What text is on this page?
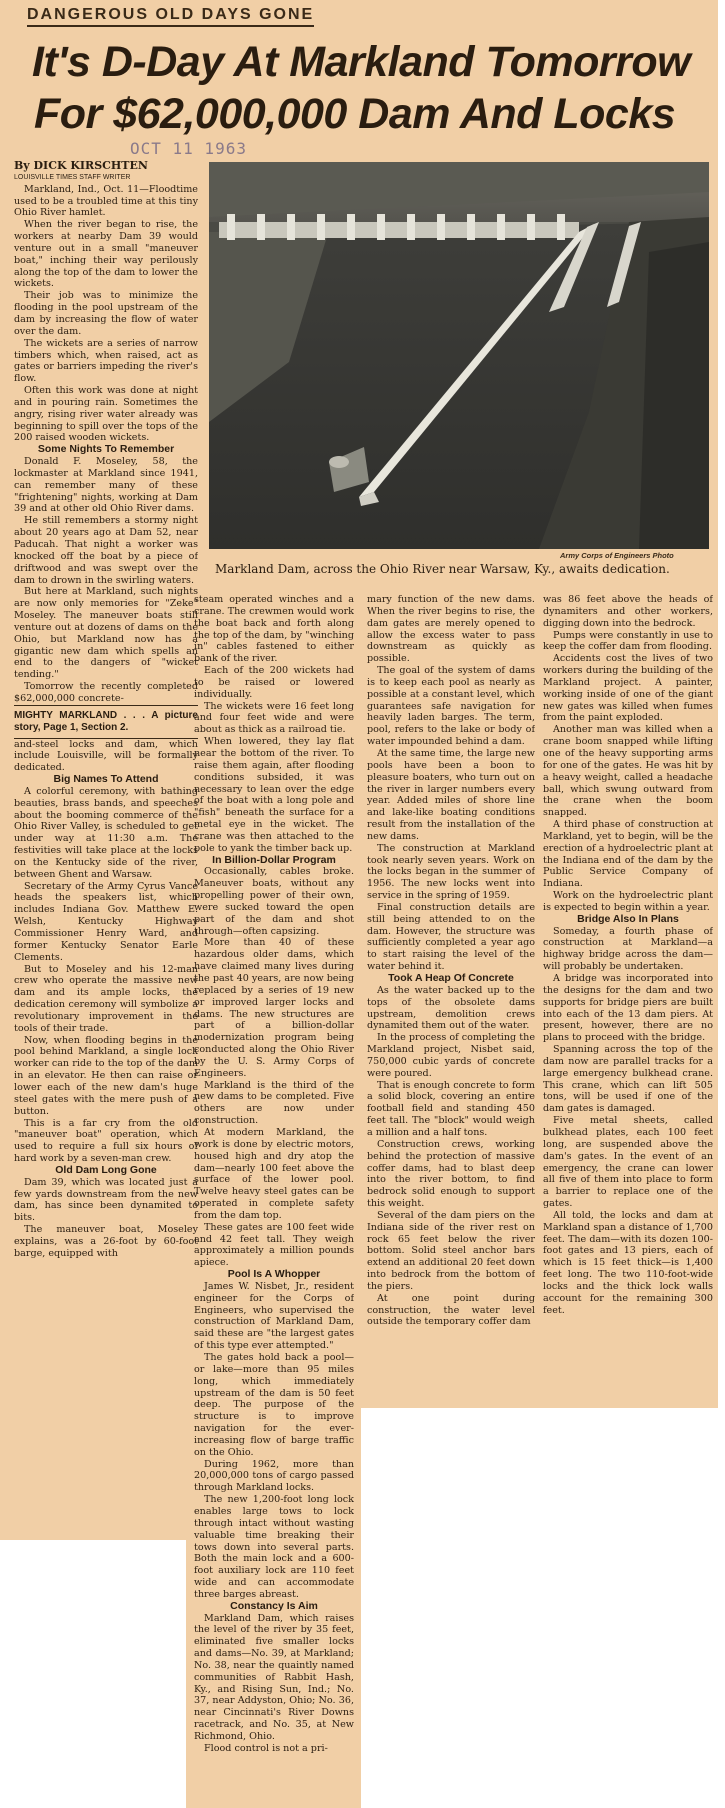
DANGEROUS OLD DAYS GONE
It's D-Day At Markland Tomorrow
For $62,000,000 Dam And Locks
OCT 11 1963
Army Corps of Engineers Photo
Markland Dam, across the Ohio River near Warsaw, Ky., awaits dedication.

By DICK KIRSCHTEN

LOUISVILLE TIMES STAFF WRITER

Markland, Ind., Oct. 11—Floodtime used to be a troubled time at this tiny Ohio River hamlet.

When the river began to rise, the workers at nearby Dam 39 would venture out in a small "maneuver boat," inching their way perilously along the top of the dam to lower the wickets.

Their job was to minimize the flooding in the pool upstream of the dam by increasing the flow of water over the dam.

The wickets are a series of narrow timbers which, when raised, act as gates or barriers impeding the river's flow.

Often this work was done at night and in pouring rain. Sometimes the angry, rising river water already was beginning to spill over the tops of the 200 raised wooden wickets.

Some Nights To Remember

Donald F. Moseley, 58, the lockmaster at Markland since 1941, can remember many of these "frightening" nights, working at Dam 39 and at other old Ohio River dams.

He still remembers a stormy night about 20 years ago at Dam 52, near Paducah. That night a worker was knocked off the boat by a piece of driftwood and was swept over the dam to drown in the swirling waters.

But here at Markland, such nights are now only memories for "Zeke" Moseley. The maneuver boats still venture out at dozens of dams on the Ohio, but Markland now has a gigantic new dam which spells an end to the dangers of "wicket tending."

Tomorrow the recently completed $62,000,000 concrete-

MIGHTY MARKLAND . . . A picture story, Page 1, Section 2.

and-steel locks and dam, which include Louisville, will be formally dedicated.

Big Names To Attend

A colorful ceremony, with bathing beauties, brass bands, and speeches about the booming commerce of the Ohio River Valley, is scheduled to get under way at 11:30 a.m. The festivities will take place at the locks on the Kentucky side of the river, between Ghent and Warsaw.

Secretary of the Army Cyrus Vance heads the speakers list, which includes Indiana Gov. Matthew E. Welsh, Kentucky Highway Commissioner Henry Ward, and former Kentucky Senator Earle Clements.

But to Moseley and his 12-man crew who operate the massive new dam and its ample locks, the dedication ceremony will symbolize a revolutionary improvement in the tools of their trade.

Now, when flooding begins in the pool behind Markland, a single lock worker can ride to the top of the dam in an elevator. He then can raise or lower each of the new dam's huge steel gates with the mere push of a button.

This is a far cry from the old "maneuver boat" operation, which used to require a full six hours of hard work by a seven-man crew.

Old Dam Long Gone

Dam 39, which was located just a few yards downstream from the new dam, has since been dynamited to bits.

The maneuver boat, Moseley explains, was a 26-foot by 60-foot barge, equipped with

steam operated winches and a crane. The crewmen would work the boat back and forth along the top of the dam, by "winching in" cables fastened to either bank of the river.

Each of the 200 wickets had to be raised or lowered individually.

The wickets were 16 feet long and four feet wide and were about as thick as a railroad tie.

When lowered, they lay flat near the bottom of the river. To raise them again, after flooding conditions subsided, it was necessary to lean over the edge of the boat with a long pole and "fish" beneath the surface for a metal eye in the wicket. The crane was then attached to the pole to yank the timber back up.

In Billion-Dollar Program

Occasionally, cables broke. Maneuver boats, without any propelling power of their own, were sucked toward the open part of the dam and shot through—often capsizing.

More than 40 of these hazardous older dams, which have claimed many lives during the past 40 years, are now being replaced by a series of 19 new or improved larger locks and dams. The new structures are part of a billion-dollar modernization program being conducted along the Ohio River by the U. S. Army Corps of Engineers.

Markland is the third of the new dams to be completed. Five others are now under construction.

At modern Markland, the work is done by electric motors, housed high and dry atop the dam—nearly 100 feet above the surface of the lower pool. Twelve heavy steel gates can be operated in complete safety from the dam top.

These gates are 100 feet wide and 42 feet tall. They weigh approximately a million pounds apiece.

Pool Is A Whopper

James W. Nisbet, Jr., resident engineer for the Corps of Engineers, who supervised the construction of Markland Dam, said these are "the largest gates of this type ever attempted."

The gates hold back a pool—or lake—more than 95 miles long, which immediately upstream of the dam is 50 feet deep. The purpose of the structure is to improve navigation for the ever-increasing flow of barge traffic on the Ohio.

During 1962, more than 20,000,000 tons of cargo passed through Markland locks.

The new 1,200-foot long lock enables large tows to lock through intact without wasting valuable time breaking their tows down into several parts. Both the main lock and a 600-foot auxiliary lock are 110 feet wide and can accommodate three barges abreast.

Constancy Is Aim

Markland Dam, which raises the level of the river by 35 feet, eliminated five smaller locks and dams—No. 39, at Markland; No. 38, near the quaintly named communities of Rabbit Hash, Ky., and Rising Sun, Ind.; No. 37, near Addyston, Ohio; No. 36, near Cincinnati's River Downs racetrack, and No. 35, at New Richmond, Ohio.

Flood control is not a pri-

mary function of the new dams. When the river begins to rise, the dam gates are merely opened to allow the excess water to pass downstream as quickly as possible.

The goal of the system of dams is to keep each pool as nearly as possible at a constant level, which guarantees safe navigation for heavily laden barges. The term, pool, refers to the lake or body of water impounded behind a dam.

At the same time, the large new pools have been a boon to pleasure boaters, who turn out on the river in larger numbers every year. Added miles of shore line and lake-like boating conditions result from the installation of the new dams.

The construction at Markland took nearly seven years. Work on the locks began in the summer of 1956. The new locks went into service in the spring of 1959.

Final construction details are still being attended to on the dam. However, the structure was sufficiently completed a year ago to start raising the level of the water behind it.

Took A Heap Of Concrete

As the water backed up to the tops of the obsolete dams upstream, demolition crews dynamited them out of the water.

In the process of completing the Markland project, Nisbet said, 750,000 cubic yards of concrete were poured.

That is enough concrete to form a solid block, covering an entire football field and standing 450 feet tall. The "block" would weigh a million and a half tons.

Construction crews, working behind the protection of massive coffer dams, had to blast deep into the river bottom, to find bedrock solid enough to support this weight.

Several of the dam piers on the Indiana side of the river rest on rock 65 feet below the river bottom. Solid steel anchor bars extend an additional 20 feet down into bedrock from the bottom of the piers.

At one point during construction, the water level outside the temporary coffer dam

was 86 feet above the heads of dynamiters and other workers, digging down into the bedrock.

Pumps were constantly in use to keep the coffer dam from flooding.

Accidents cost the lives of two workers during the building of the Markland project. A painter, working inside of one of the giant new gates was killed when fumes from the paint exploded.

Another man was killed when a crane boom snapped while lifting one of the heavy supporting arms for one of the gates. He was hit by a heavy weight, called a headache ball, which swung outward from the crane when the boom snapped.

A third phase of construction at Markland, yet to begin, will be the erection of a hydroelectric plant at the Indiana end of the dam by the Public Service Company of Indiana.

Work on the hydroelectric plant is expected to begin within a year.

Bridge Also In Plans

Someday, a fourth phase of construction at Markland—a highway bridge across the dam—will probably be undertaken.

A bridge was incorporated into the designs for the dam and two supports for bridge piers are built into each of the 13 dam piers. At present, however, there are no plans to proceed with the bridge.

Spanning across the top of the dam now are parallel tracks for a large emergency bulkhead crane. This crane, which can lift 505 tons, will be used if one of the dam gates is damaged.

Five metal sheets, called bulkhead plates, each 100 feet long, are suspended above the dam's gates. In the event of an emergency, the crane can lower all five of them into place to form a barrier to replace one of the gates.

All told, the locks and dam at Markland span a distance of 1,700 feet. The dam—with its dozen 100-foot gates and 13 piers, each of which is 15 feet thick—is 1,400 feet long. The two 110-foot-wide locks and the thick lock walls account for the remaining 300 feet.
